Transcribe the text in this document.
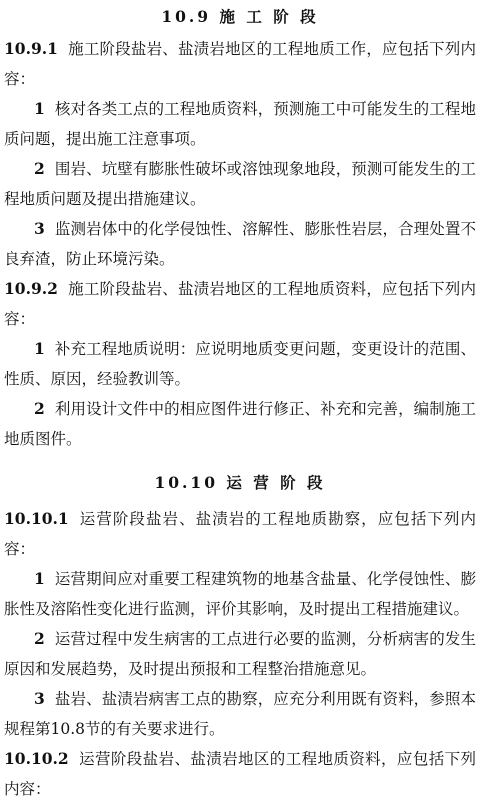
10.9 施 工 阶 段

10.9.1 施工阶段盐岩、盐渍岩地区的工程地质工作，应包括下列内容：

1 核对各类工点的工程地质资料，预测施工中可能发生的工程地质问题，提出施工注意事项。

2 围岩、坑壁有膨胀性破坏或溶蚀现象地段，预测可能发生的工程地质问题及提出措施建议。

3 监测岩体中的化学侵蚀性、溶解性、膨胀性岩层，合理处置不良弃渣，防止环境污染。

10.9.2 施工阶段盐岩、盐渍岩地区的工程地质资料，应包括下列内容：

1 补充工程地质说明：应说明地质变更问题，变更设计的范围、性质、原因，经验教训等。

2 利用设计文件中的相应图件进行修正、补充和完善，编制施工地质图件。

10.10 运 营 阶 段

10.10.1 运营阶段盐岩、盐渍岩的工程地质勘察，应包括下列内容：

1 运营期间应对重要工程建筑物的地基含盐量、化学侵蚀性、膨胀性及溶陷性变化进行监测，评价其影响，及时提出工程措施建议。

2 运营过程中发生病害的工点进行必要的监测，分析病害的发生原因和发展趋势，及时提出预报和工程整治措施意见。

3 盐岩、盐渍岩病害工点的勘察，应充分利用既有资料，参照本规程第10.8节的有关要求进行。

10.10.2 运营阶段盐岩、盐渍岩地区的工程地质资料，应包括下列内容：
